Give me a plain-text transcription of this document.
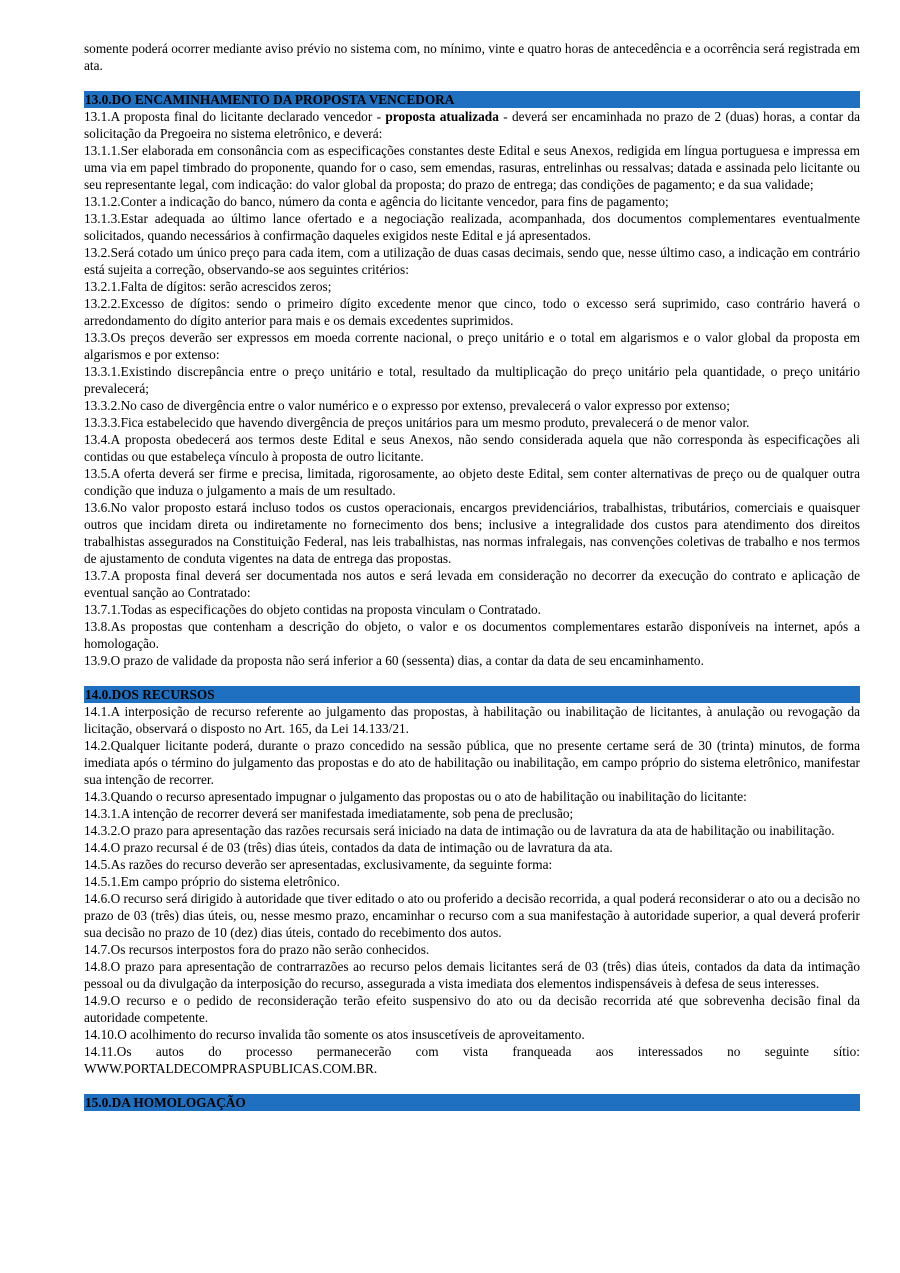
somente poderá ocorrer mediante aviso prévio no sistema com, no mínimo, vinte e quatro horas de antecedência e a ocorrência será registrada em ata.

13.0.DO ENCAMINHAMENTO DA PROPOSTA VENCEDORA

13.1.A proposta final do licitante declarado vencedor - proposta atualizada - deverá ser encaminhada no prazo de 2 (duas) horas, a contar da solicitação da Pregoeira no sistema eletrônico, e deverá:

13.1.1.Ser elaborada em consonância com as especificações constantes deste Edital e seus Anexos, redigida em língua portuguesa e impressa em uma via em papel timbrado do proponente, quando for o caso, sem emendas, rasuras, entrelinhas ou ressalvas; datada e assinada pelo licitante ou seu representante legal, com indicação: do valor global da proposta; do prazo de entrega; das condições de pagamento; e da sua validade;

13.1.2.Conter a indicação do banco, número da conta e agência do licitante vencedor, para fins de pagamento;

13.1.3.Estar adequada ao último lance ofertado e a negociação realizada, acompanhada, dos documentos complementares eventualmente solicitados, quando necessários à confirmação daqueles exigidos neste Edital e já apresentados.

13.2.Será cotado um único preço para cada item, com a utilização de duas casas decimais, sendo que, nesse último caso, a indicação em contrário está sujeita a correção, observando-se aos seguintes critérios:

13.2.1.Falta de dígitos: serão acrescidos zeros;

13.2.2.Excesso de dígitos: sendo o primeiro dígito excedente menor que cinco, todo o excesso será suprimido, caso contrário haverá o arredondamento do dígito anterior para mais e os demais excedentes suprimidos.

13.3.Os preços deverão ser expressos em moeda corrente nacional, o preço unitário e o total em algarismos e o valor global da proposta em algarismos e por extenso:

13.3.1.Existindo discrepância entre o preço unitário e total, resultado da multiplicação do preço unitário pela quantidade, o preço unitário prevalecerá;

13.3.2.No caso de divergência entre o valor numérico e o expresso por extenso, prevalecerá o valor expresso por extenso;

13.3.3.Fica estabelecido que havendo divergência de preços unitários para um mesmo produto, prevalecerá o de menor valor.

13.4.A proposta obedecerá aos termos deste Edital e seus Anexos, não sendo considerada aquela que não corresponda às especificações ali contidas ou que estabeleça vínculo à proposta de outro licitante.

13.5.A oferta deverá ser firme e precisa, limitada, rigorosamente, ao objeto deste Edital, sem conter alternativas de preço ou de qualquer outra condição que induza o julgamento a mais de um resultado.

13.6.No valor proposto estará incluso todos os custos operacionais, encargos previdenciários, trabalhistas, tributários, comerciais e quaisquer outros que incidam direta ou indiretamente no fornecimento dos bens; inclusive a integralidade dos custos para atendimento dos direitos trabalhistas assegurados na Constituição Federal, nas leis trabalhistas, nas normas infralegais, nas convenções coletivas de trabalho e nos termos de ajustamento de conduta vigentes na data de entrega das propostas.

13.7.A proposta final deverá ser documentada nos autos e será levada em consideração no decorrer da execução do contrato e aplicação de eventual sanção ao Contratado:

13.7.1.Todas as especificações do objeto contidas na proposta vinculam o Contratado.

13.8.As propostas que contenham a descrição do objeto, o valor e os documentos complementares estarão disponíveis na internet, após a homologação.

13.9.O prazo de validade da proposta não será inferior a 60 (sessenta) dias, a contar da data de seu encaminhamento.

14.0.DOS RECURSOS

14.1.A interposição de recurso referente ao julgamento das propostas, à habilitação ou inabilitação de licitantes, à anulação ou revogação da licitação, observará o disposto no Art. 165, da Lei 14.133/21.

14.2.Qualquer licitante poderá, durante o prazo concedido na sessão pública, que no presente certame será de 30 (trinta) minutos, de forma imediata após o término do julgamento das propostas e do ato de habilitação ou inabilitação, em campo próprio do sistema eletrônico, manifestar sua intenção de recorrer.

14.3.Quando o recurso apresentado impugnar o julgamento das propostas ou o ato de habilitação ou inabilitação do licitante:

14.3.1.A intenção de recorrer deverá ser manifestada imediatamente, sob pena de preclusão;

14.3.2.O prazo para apresentação das razões recursais será iniciado na data de intimação ou de lavratura da ata de habilitação ou inabilitação.

14.4.O prazo recursal é de 03 (três) dias úteis, contados da data de intimação ou de lavratura da ata.

14.5.As razões do recurso deverão ser apresentadas, exclusivamente, da seguinte forma:

14.5.1.Em campo próprio do sistema eletrônico.

14.6.O recurso será dirigido à autoridade que tiver editado o ato ou proferido a decisão recorrida, a qual poderá reconsiderar o ato ou a decisão no prazo de 03 (três) dias úteis, ou, nesse mesmo prazo, encaminhar o recurso com a sua manifestação à autoridade superior, a qual deverá proferir sua decisão no prazo de 10 (dez) dias úteis, contado do recebimento dos autos.

14.7.Os recursos interpostos fora do prazo não serão conhecidos.

14.8.O prazo para apresentação de contrarrazões ao recurso pelos demais licitantes será de 03 (três) dias úteis, contados da data da intimação pessoal ou da divulgação da interposição do recurso, assegurada a vista imediata dos elementos indispensáveis à defesa de seus interesses.

14.9.O recurso e o pedido de reconsideração terão efeito suspensivo do ato ou da decisão recorrida até que sobrevenha decisão final da autoridade competente.

14.10.O acolhimento do recurso invalida tão somente os atos insuscetíveis de aproveitamento.

14.11.Os autos do processo permanecerão com vista franqueada aos interessados no seguinte sítio: WWW.PORTALDECOMPRASPUBLICAS.COM.BR.

15.0.DA HOMOLOGAÇÃO
